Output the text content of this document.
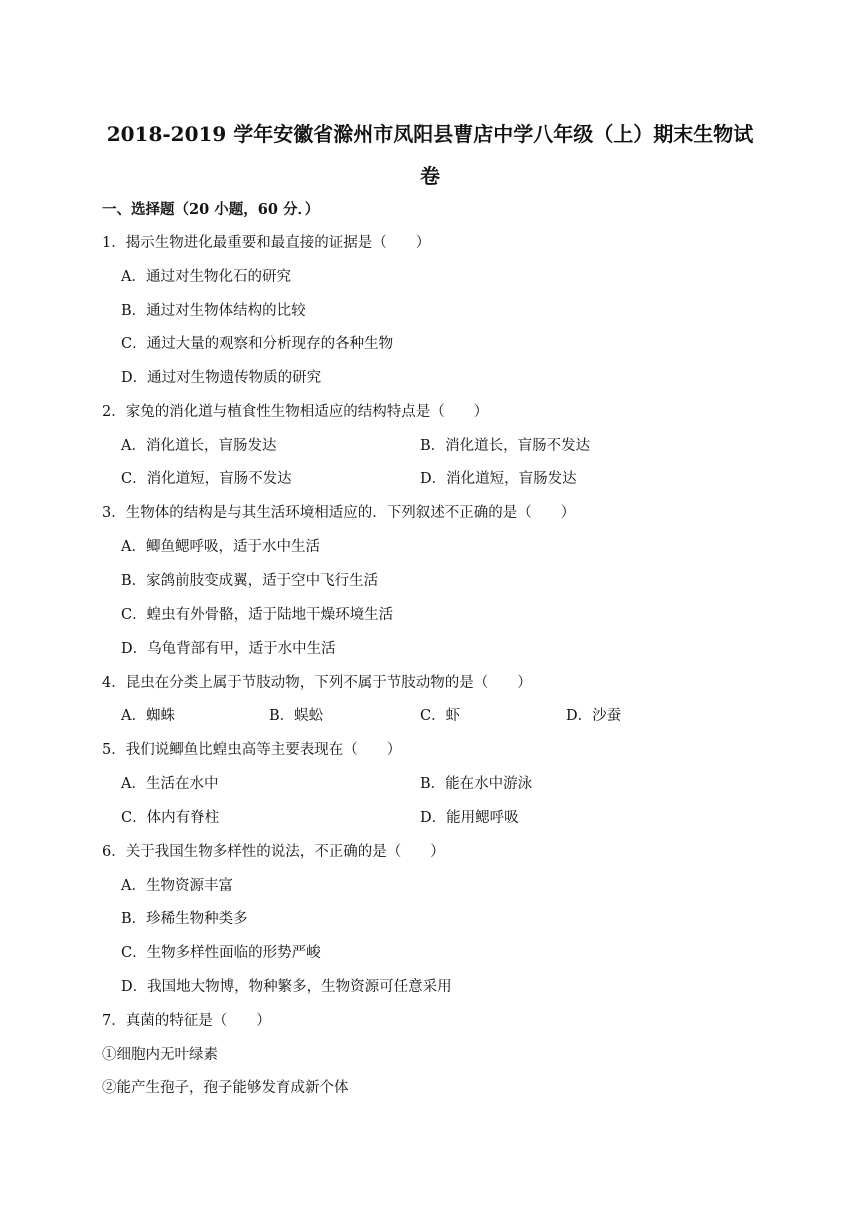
2018-2019 学年安徽省滁州市凤阳县曹店中学八年级（上）期末生物试
卷
一、选择题（20 小题，60 分．）
1．揭示生物进化最重要和最直接的证据是（　　）
A．通过对生物化石的研究
B．通过对生物体结构的比较
C．通过大量的观察和分析现存的各种生物
D．通过对生物遗传物质的研究
2．家兔的消化道与植食性生物相适应的结构特点是（　　）
A．消化道长，盲肠发达	B．消化道长，盲肠不发达
C．消化道短，盲肠不发达	D．消化道短，盲肠发达
3．生物体的结构是与其生活环境相适应的．下列叙述不正确的是（　　）
A．鲫鱼鳃呼吸，适于水中生活
B．家鸽前肢变成翼，适于空中飞行生活
C．蝗虫有外骨骼，适于陆地干燥环境生活
D．乌龟背部有甲，适于水中生活
4．昆虫在分类上属于节肢动物，下列不属于节肢动物的是（　　）
A．蜘蛛	B．蜈蚣	C．虾	D．沙蚕
5．我们说鲫鱼比蝗虫高等主要表现在（　　）
A．生活在水中	B．能在水中游泳
C．体内有脊柱	D．能用鳃呼吸
6．关于我国生物多样性的说法，不正确的是（　　）
A．生物资源丰富
B．珍稀生物种类多
C．生物多样性面临的形势严峻
D．我国地大物博，物种繁多，生物资源可任意采用
7．真菌的特征是（　　）
①细胞内无叶绿素
②能产生孢子，孢子能够发育成新个体
